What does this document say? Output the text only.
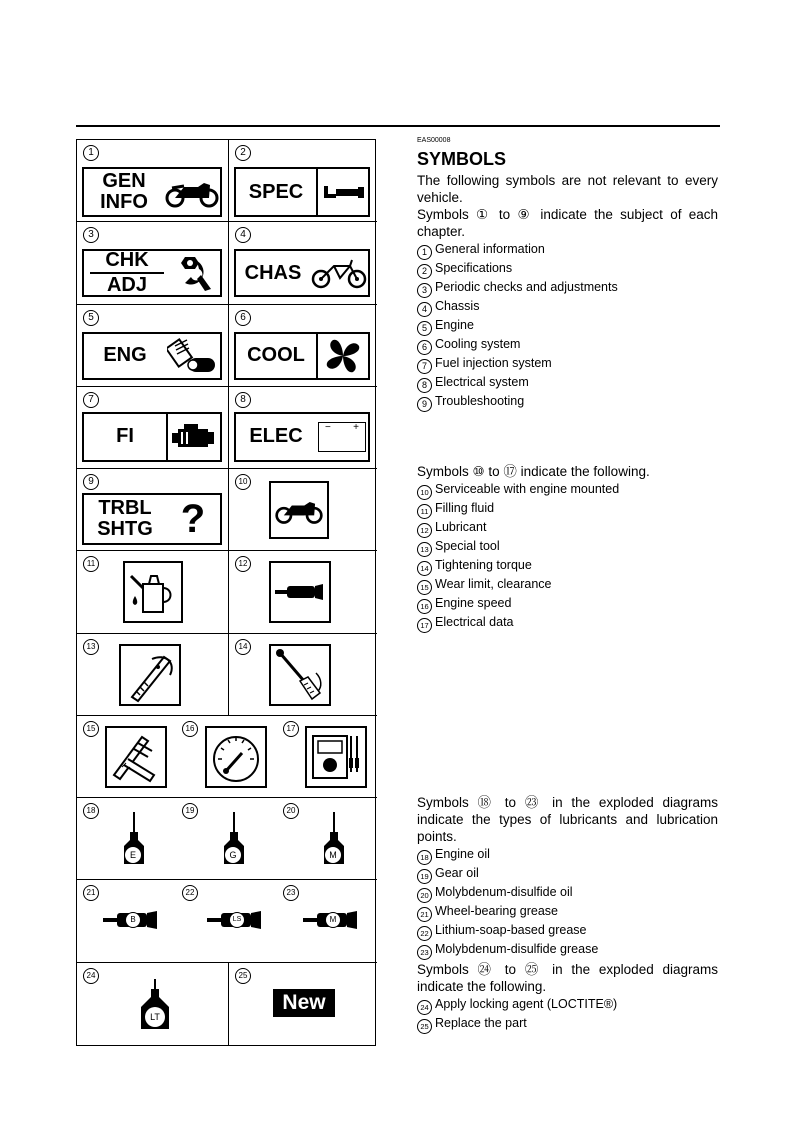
1
GEN
INFO
2
SPEC
3
CHK
ADJ
4
CHAS
5
ENG
6
COOL
7
FI
8
ELEC − +
9
TRBL
SHTG ?
10
11	12
13	14
15	16	17
18
E
19
G
20
M
21
B
22
LS
23
M
24
LT
25
New
EAS00008
SYMBOLS
The following symbols are not relevant to every vehicle.
Symbols ① to ⑨ indicate the subject of each chapter.
1 General information
2 Specifications
3 Periodic checks and adjustments
4 Chassis
5 Engine
6 Cooling system
7 Fuel injection system
8 Electrical system
9 Troubleshooting
Symbols ⑩ to ⑰ indicate the following.
10 Serviceable with engine mounted
11 Filling fluid
12 Lubricant
13 Special tool
14 Tightening torque
15 Wear limit, clearance
16 Engine speed
17 Electrical data
Symbols ⑱ to ㉓ in the exploded diagrams indicate the types of lubricants and lubrication points.
18 Engine oil
19 Gear oil
20 Molybdenum-disulfide oil
21 Wheel-bearing grease
22 Lithium-soap-based grease
23 Molybdenum-disulfide grease
Symbols ㉔ to ㉕ in the exploded diagrams indicate the following.
24 Apply locking agent (LOCTITE®)
25 Replace the part
